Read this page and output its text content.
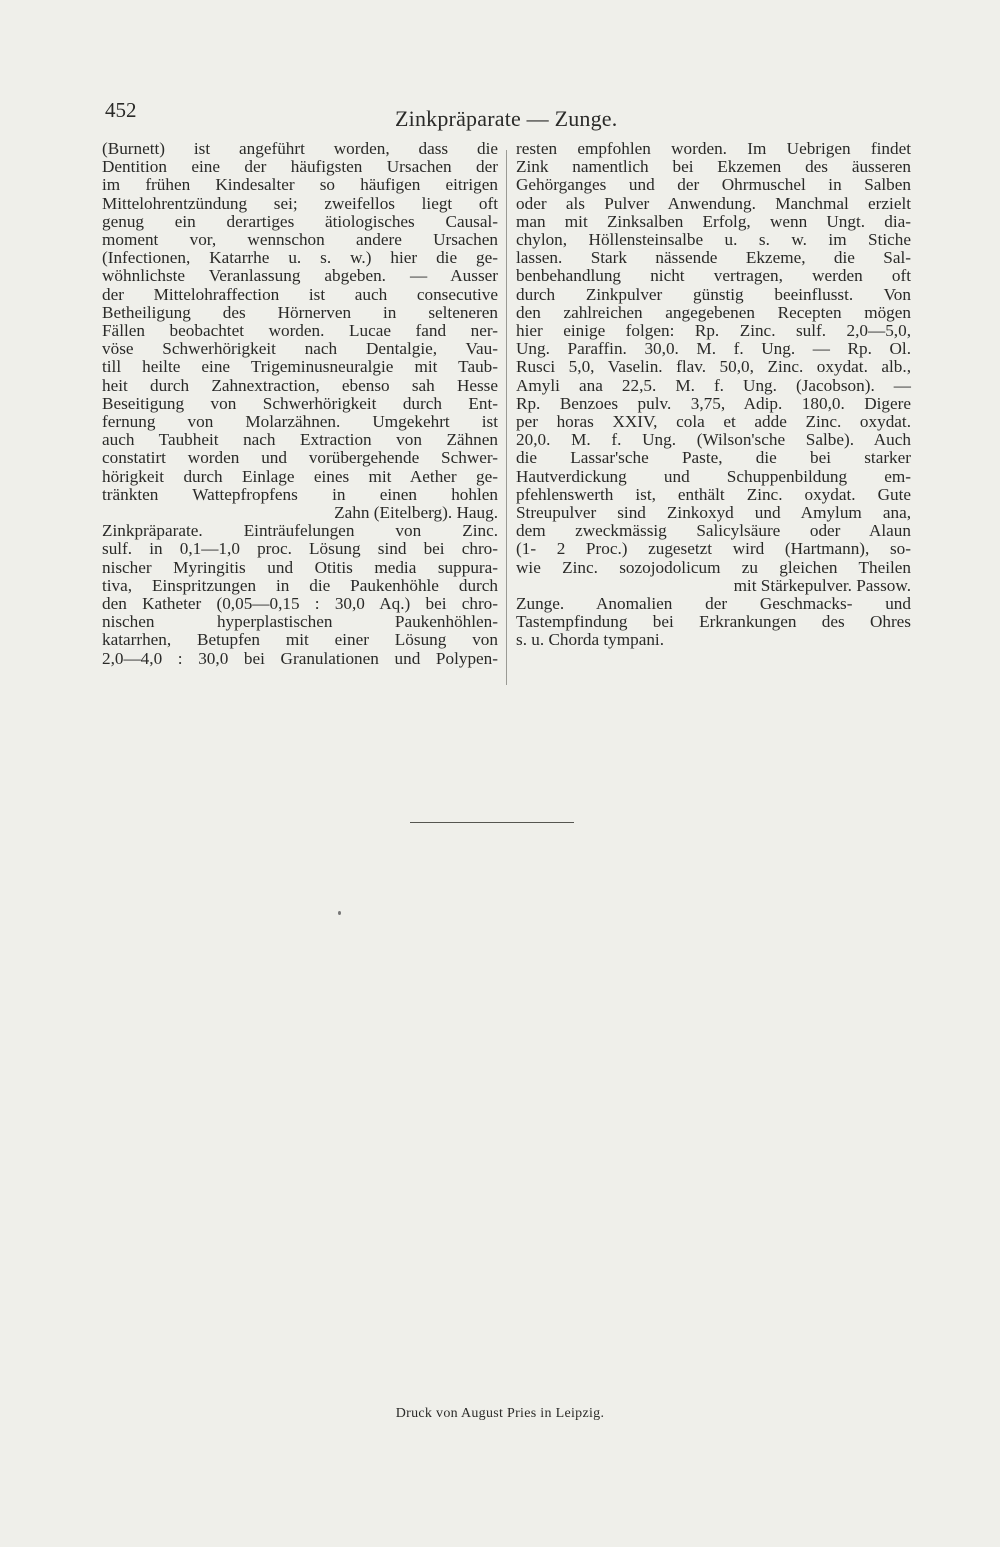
452	Zinkpräparate — Zunge.
(Burnett) ist angeführt worden, dass die
Dentition eine der häufigsten Ursachen der
im frühen Kindesalter so häufigen eitrigen
Mittelohrentzündung sei; zweifellos liegt oft
genug ein derartiges ätiologisches Causal-
moment vor, wennschon andere Ursachen
(Infectionen, Katarrhe u. s. w.) hier die ge-
wöhnlichste Veranlassung abgeben. — Ausser
der Mittelohraffection ist auch consecutive
Betheiligung des Hörnerven in selteneren
Fällen beobachtet worden. Lucae fand ner-
vöse Schwerhörigkeit nach Dentalgie, Vau-
till heilte eine Trigeminusneuralgie mit Taub-
heit durch Zahnextraction, ebenso sah Hesse
Beseitigung von Schwerhörigkeit durch Ent-
fernung von Molarzähnen. Umgekehrt ist
auch Taubheit nach Extraction von Zähnen
constatirt worden und vorübergehende Schwer-
hörigkeit durch Einlage eines mit Aether ge-
tränkten Wattepfropfens in einen hohlen
Zahn (Eitelberg). Haug.
Zinkpräparate. Einträufelungen von Zinc.
sulf. in 0,1—1,0 proc. Lösung sind bei chro-
nischer Myringitis und Otitis media suppura-
tiva, Einspritzungen in die Paukenhöhle durch
den Katheter (0,05—0,15 : 30,0 Aq.) bei chro-
nischen hyperplastischen Paukenhöhlen-
katarrhen, Betupfen mit einer Lösung von
2,0—4,0 : 30,0 bei Granulationen und Polypen-
resten empfohlen worden. Im Uebrigen findet
Zink namentlich bei Ekzemen des äusseren
Gehörganges und der Ohrmuschel in Salben
oder als Pulver Anwendung. Manchmal erzielt
man mit Zinksalben Erfolg, wenn Ungt. dia-
chylon, Höllensteinsalbe u. s. w. im Stiche
lassen. Stark nässende Ekzeme, die Sal-
benbehandlung nicht vertragen, werden oft
durch Zinkpulver günstig beeinflusst. Von
den zahlreichen angegebenen Recepten mögen
hier einige folgen: Rp. Zinc. sulf. 2,0—5,0,
Ung. Paraffin. 30,0. M. f. Ung. — Rp. Ol.
Rusci 5,0, Vaselin. flav. 50,0, Zinc. oxydat. alb.,
Amyli ana 22,5. M. f. Ung. (Jacobson). —
Rp. Benzoes pulv. 3,75, Adip. 180,0. Digere
per horas XXIV, cola et adde Zinc. oxydat.
20,0. M. f. Ung. (Wilson'sche Salbe). Auch
die Lassar'sche Paste, die bei starker
Hautverdickung und Schuppenbildung em-
pfehlenswerth ist, enthält Zinc. oxydat. Gute
Streupulver sind Zinkoxyd und Amylum ana,
dem zweckmässig Salicylsäure oder Alaun
(1- 2 Proc.) zugesetzt wird (Hartmann), so-
wie Zinc. sozojodolicum zu gleichen Theilen
mit Stärkepulver. Passow.
Zunge. Anomalien der Geschmacks- und
Tastempfindung bei Erkrankungen des Ohres
s. u. Chorda tympani.
Druck von August Pries in Leipzig.
